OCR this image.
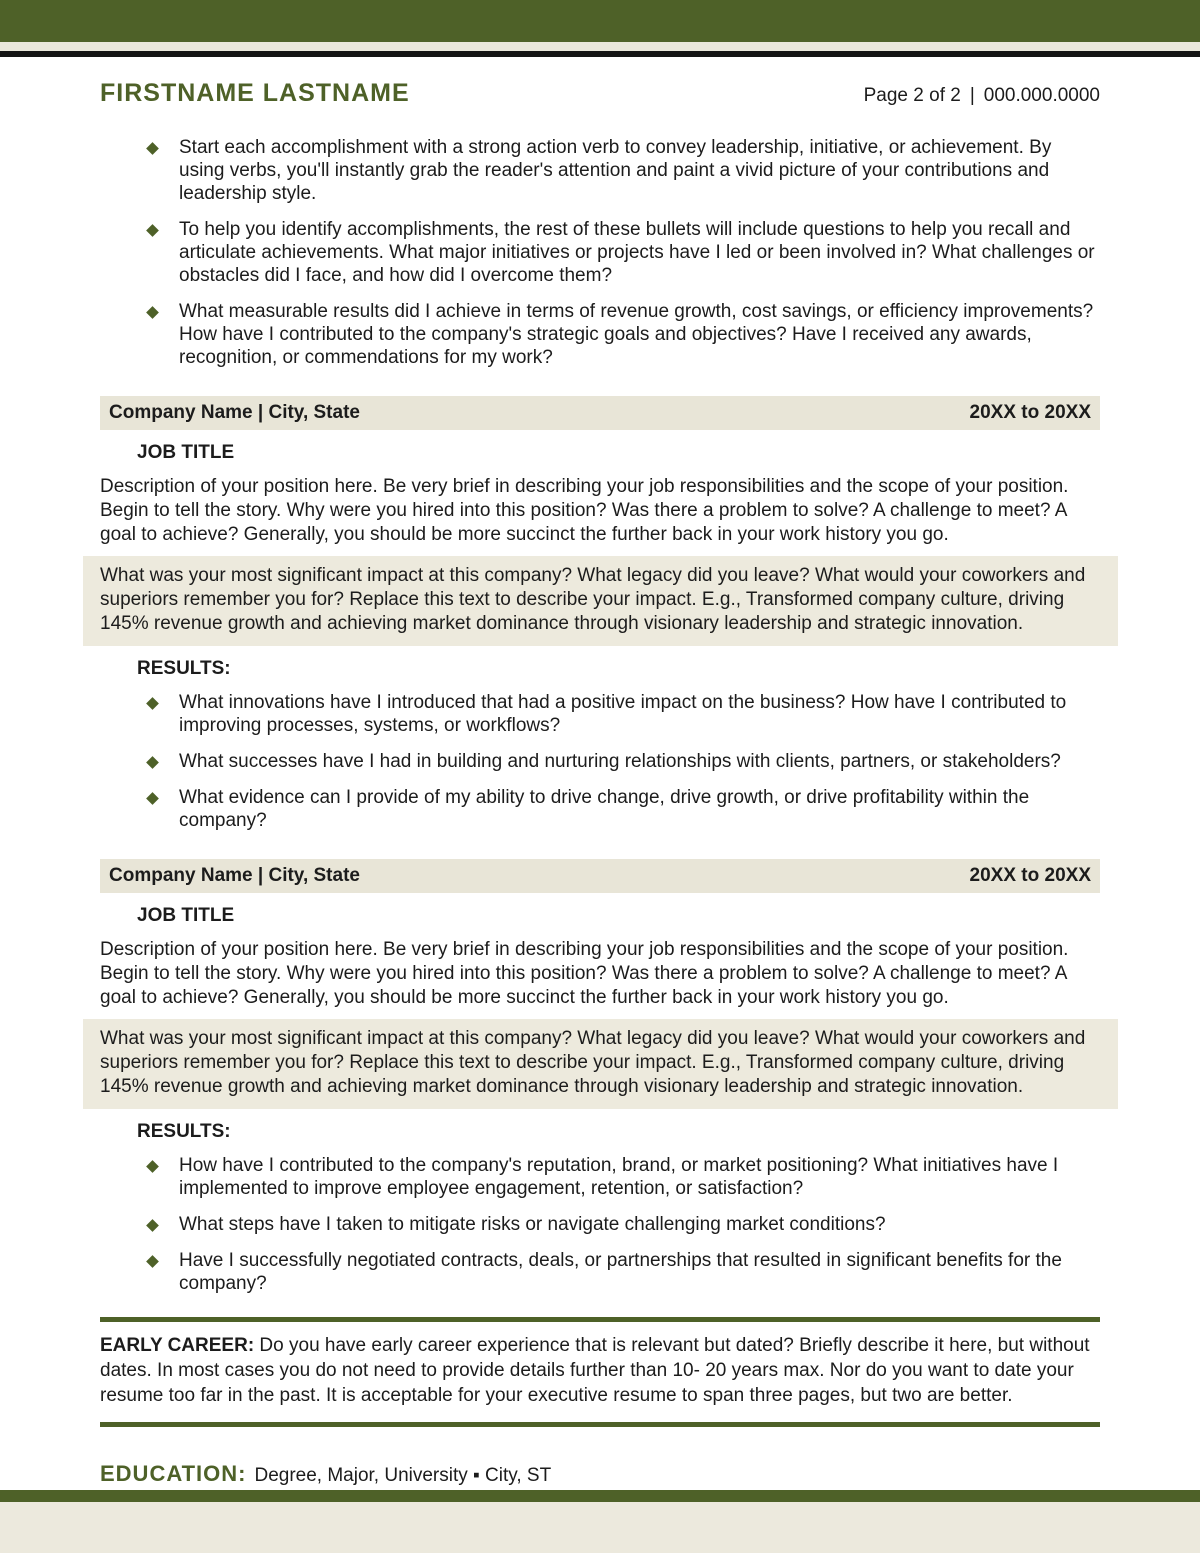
FIRSTNAME LASTNAME	Page 2 of 2 | 000.000.0000
Start each accomplishment with a strong action verb to convey leadership, initiative, or achievement. By using verbs, you'll instantly grab the reader's attention and paint a vivid picture of your contributions and leadership style.
To help you identify accomplishments, the rest of these bullets will include questions to help you recall and articulate achievements. What major initiatives or projects have I led or been involved in? What challenges or obstacles did I face, and how did I overcome them?
What measurable results did I achieve in terms of revenue growth, cost savings, or efficiency improvements? How have I contributed to the company's strategic goals and objectives? Have I received any awards, recognition, or commendations for my work?
Company Name | City, State	20XX to 20XX
JOB TITLE
Description of your position here. Be very brief in describing your job responsibilities and the scope of your position. Begin to tell the story. Why were you hired into this position? Was there a problem to solve? A challenge to meet? A goal to achieve? Generally, you should be more succinct the further back in your work history you go.
What was your most significant impact at this company? What legacy did you leave? What would your coworkers and superiors remember you for? Replace this text to describe your impact. E.g., Transformed company culture, driving 145% revenue growth and achieving market dominance through visionary leadership and strategic innovation.
RESULTS:
What innovations have I introduced that had a positive impact on the business? How have I contributed to improving processes, systems, or workflows?
What successes have I had in building and nurturing relationships with clients, partners, or stakeholders?
What evidence can I provide of my ability to drive change, drive growth, or drive profitability within the company?
Company Name | City, State	20XX to 20XX
JOB TITLE
Description of your position here. Be very brief in describing your job responsibilities and the scope of your position. Begin to tell the story. Why were you hired into this position? Was there a problem to solve? A challenge to meet? A goal to achieve? Generally, you should be more succinct the further back in your work history you go.
What was your most significant impact at this company? What legacy did you leave? What would your coworkers and superiors remember you for? Replace this text to describe your impact. E.g., Transformed company culture, driving 145% revenue growth and achieving market dominance through visionary leadership and strategic innovation.
RESULTS:
How have I contributed to the company's reputation, brand, or market positioning? What initiatives have I implemented to improve employee engagement, retention, or satisfaction?
What steps have I taken to mitigate risks or navigate challenging market conditions?
Have I successfully negotiated contracts, deals, or partnerships that resulted in significant benefits for the company?
EARLY CAREER: Do you have early career experience that is relevant but dated? Briefly describe it here, but without dates. In most cases you do not need to provide details further than 10- 20 years max. Nor do you want to date your resume too far in the past. It is acceptable for your executive resume to span three pages, but two are better.
EDUCATION: Degree, Major, University ▪ City, ST
